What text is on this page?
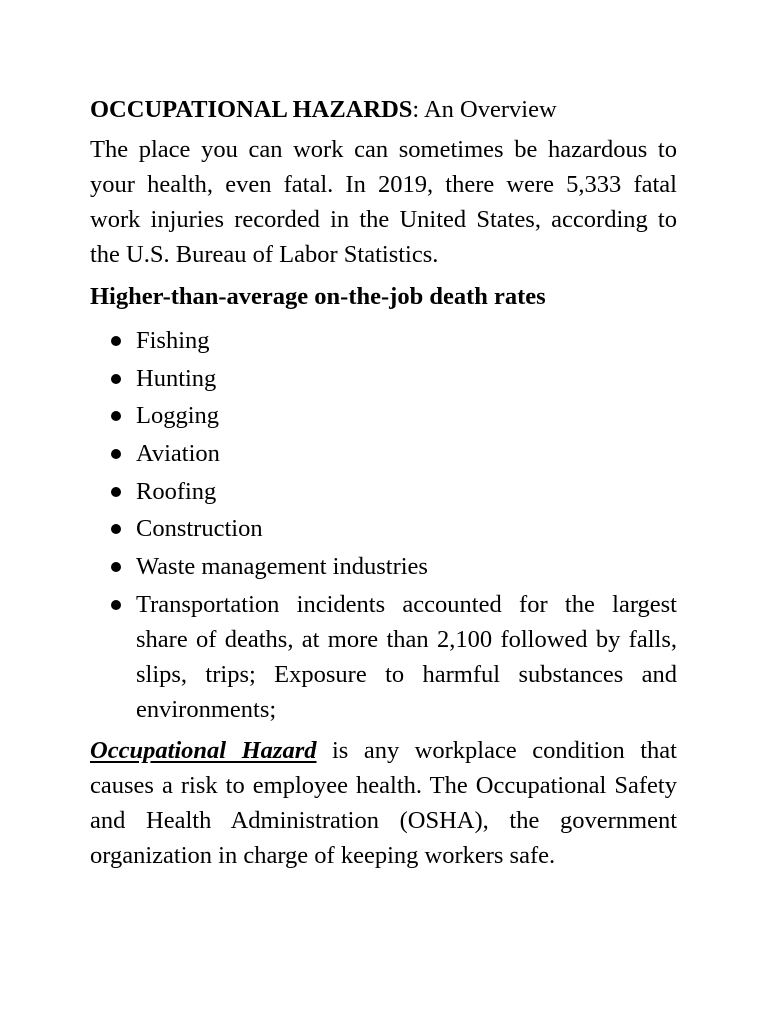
OCCUPATIONAL HAZARDS: An Overview

The place you can work can sometimes be hazardous to your health, even fatal. In 2019, there were 5,333 fatal work injuries recorded in the United States, according to the U.S. Bureau of Labor Statistics.

Higher-than-average on-the-job death rates

Fishing
Hunting
Logging
Aviation
Roofing
Construction
Waste management industries
Transportation incidents accounted for the largest share of deaths, at more than 2,100 followed by falls, slips, trips; Exposure to harmful substances and environments;

Occupational Hazard is any workplace condition that causes a risk to employee health. The Occupational Safety and Health Administration (OSHA), the government organization in charge of keeping workers safe.
